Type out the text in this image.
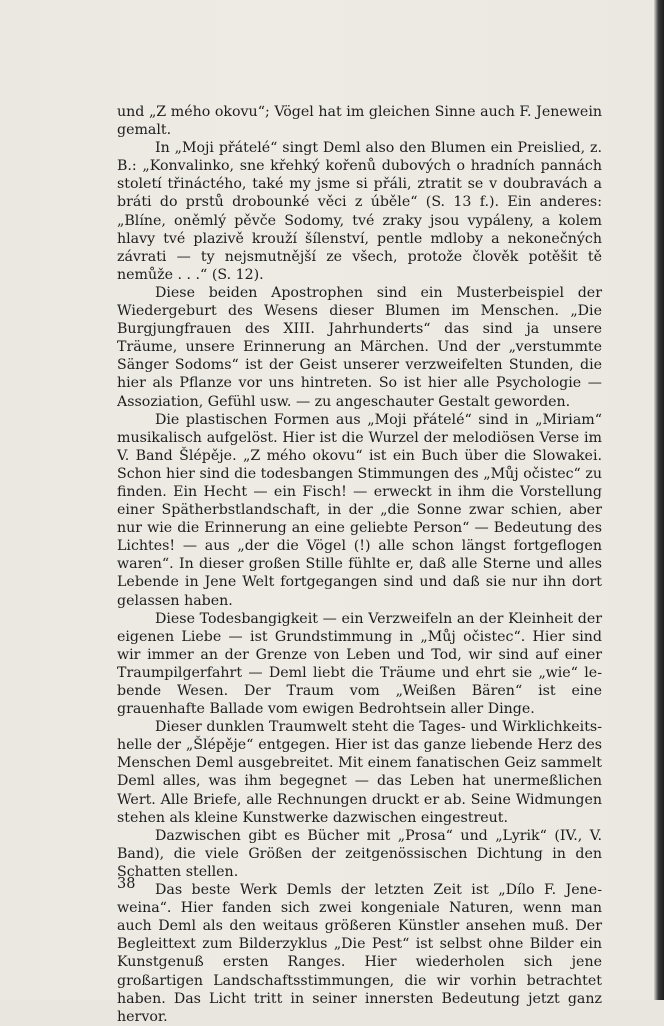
und „Z mého okovu“; Vögel hat im gleichen Sinne auch F. Jenewein gemalt.

In „Moji přátelé“ singt Deml also den Blumen ein Preislied, z. B.: „Konvalinko, sne křehký kořenů dubových o hradních pannách století třináctého, také my jsme si přáli, ztratit se v doubravách a bráti do prstů drobounké věci z úběle“ (S. 13 f.). Ein anderes: „Blíne, oněmlý pěvče Sodomy, tvé zraky jsou vypáleny, a kolem hlavy tvé plazivě krouží šílenství, pentle mdloby a nekonečných závrati — ty nejsmutnější ze všech, protože člověk potěšit tě nemůže . . .“ (S. 12).

Diese beiden Apostrophen sind ein Musterbeispiel der Wiedergeburt des Wesens dieser Blumen im Menschen. „Die Burgjungfrauen des XIII. Jahrhunderts“ das sind ja unsere Träume, unsere Erinnerung an Märchen. Und der „verstummte Sänger Sodoms“ ist der Geist unserer verzweifelten Stunden, die hier als Pflanze vor uns hintreten. So ist hier alle Psychologie — Assoziation, Gefühl usw. — zu angeschauter Gestalt geworden.

Die plastischen Formen aus „Moji přátelé“ sind in „Miriam“ musikalisch aufgelöst. Hier ist die Wurzel der melodiösen Verse im V. Band Šlépěje. „Z mého okovu“ ist ein Buch über die Slowakei. Schon hier sind die todesbangen Stimmungen des „Můj očistec“ zu finden. Ein Hecht — ein Fisch! — erweckt in ihm die Vorstellung einer Spätherbstlandschaft, in der „die Sonne zwar schien, aber nur wie die Erinnerung an eine geliebte Person“ — Bedeutung des Lichtes! — aus „der die Vögel (!) alle schon längst fortgeflogen waren“. In dieser großen Stille fühlte er, daß alle Sterne und alles Lebende in Jene Welt fortgegangen sind und daß sie nur ihn dort gelassen haben.

Diese Todesbangigkeit — ein Verzweifeln an der Kleinheit der eigenen Liebe — ist Grundstimmung in „Můj očistec“. Hier sind wir immer an der Grenze von Leben und Tod, wir sind auf einer Traumpilgerfahrt — Deml liebt die Träume und ehrt sie „wie“ lebende Wesen. Der Traum vom „Weißen Bären“ ist eine grauenhafte Ballade vom ewigen Bedrohtsein aller Dinge.

Dieser dunklen Traumwelt steht die Tages- und Wirklichkeitshelle der „Šlépěje“ entgegen. Hier ist das ganze liebende Herz des Menschen Deml ausgebreitet. Mit einem fanatischen Geiz sammelt Deml alles, was ihm begegnet — das Leben hat unermeßlichen Wert. Alle Briefe, alle Rechnungen druckt er ab. Seine Widmungen stehen als kleine Kunstwerke dazwischen eingestreut.

Dazwischen gibt es Bücher mit „Prosa“ und „Lyrik“ (IV., V. Band), die viele Größen der zeitgenössischen Dichtung in den Schatten stellen.

Das beste Werk Demls der letzten Zeit ist „Dílo F. Jeneweina“. Hier fanden sich zwei kongeniale Naturen, wenn man auch Deml als den weitaus größeren Künstler ansehen muß. Der Begleittext zum Bilderzyklus „Die Pest“ ist selbst ohne Bilder ein Kunstgenuß ersten Ranges. Hier wiederholen sich jene großartigen Landschaftsstimmungen, die wir vorhin betrachtet haben. Das Licht tritt in seiner innersten Bedeutung jetzt ganz hervor.

38
